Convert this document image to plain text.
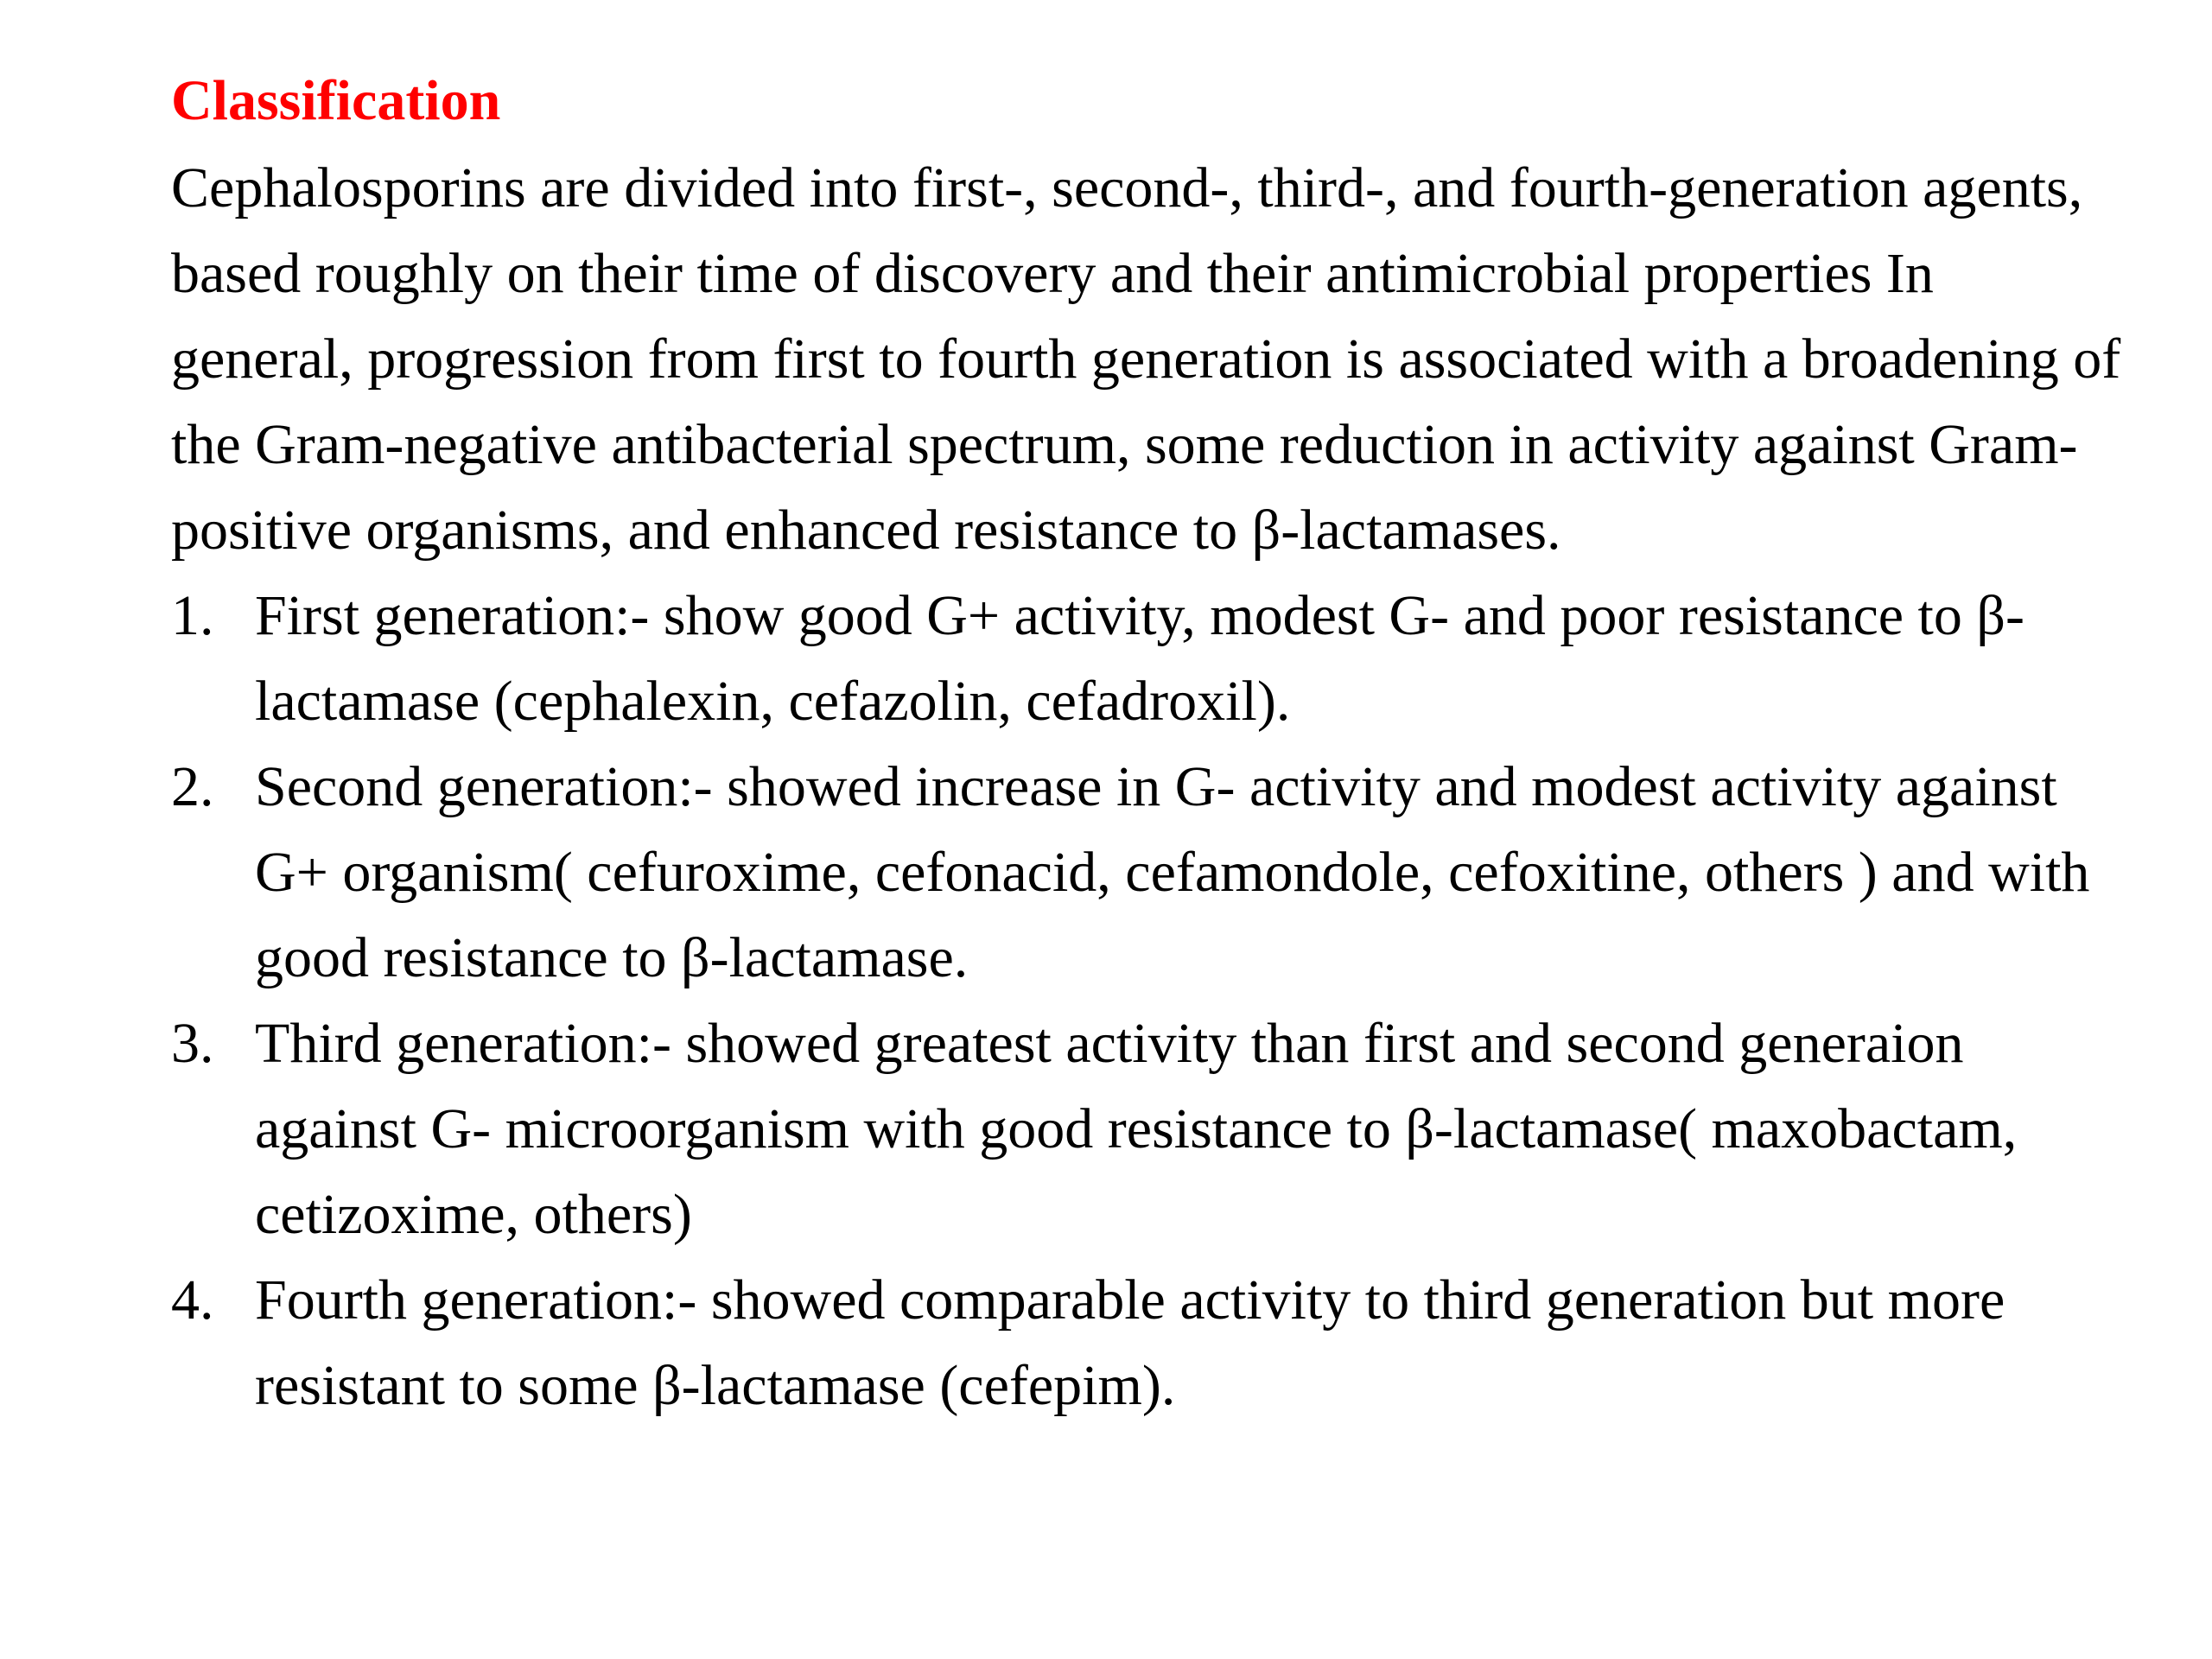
Classification

Cephalosporins are divided into first-, second-, third-, and fourth-generation agents, based roughly on their time of discovery and their antimicrobial properties In general, progression from first to fourth generation is associated with a broadening of the Gram-negative antibacterial spectrum, some reduction in activity against Gram-positive organisms, and enhanced resistance to β-lactamases.

1. First generation:- show good G+ activity, modest G- and poor resistance to β-lactamase (cephalexin, cefazolin, cefadroxil).
2. Second generation:- showed increase in G- activity and modest activity against G+ organism( cefuroxime, cefonacid, cefamondole, cefoxitine, others ) and with good resistance to β-lactamase.
3. Third generation:- showed greatest activity than first and second generaion against G- microorganism with good resistance to β-lactamase( maxobactam, cetizoxime, others)
4. Fourth generation:- showed comparable activity to third generation but more resistant to some β-lactamase (cefepim).
